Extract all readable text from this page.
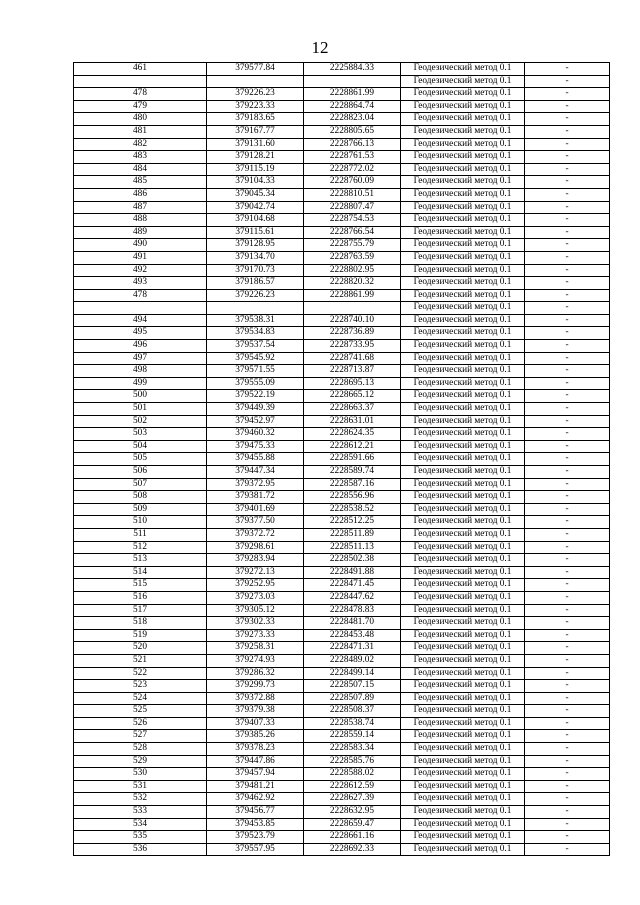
12
461	379577.84	2225884.33	Геодезический метод 0.1	-
			Геодезический метод 0.1	-
478	379226.23	2228861.99	Геодезический метод 0.1	-
479	379223.33	2228864.74	Геодезический метод 0.1	-
480	379183.65	2228823.04	Геодезический метод 0.1	-
481	379167.77	2228805.65	Геодезический метод 0.1	-
482	379131.60	2228766.13	Геодезический метод 0.1	-
483	379128.21	2228761.53	Геодезический метод 0.1	-
484	379115.19	2228772.02	Геодезический метод 0.1	-
485	379104.33	2228760.09	Геодезический метод 0.1	-
486	379045.34	2228810.51	Геодезический метод 0.1	-
487	379042.74	2228807.47	Геодезический метод 0.1	-
488	379104.68	2228754.53	Геодезический метод 0.1	-
489	379115.61	2228766.54	Геодезический метод 0.1	-
490	379128.95	2228755.79	Геодезический метод 0.1	-
491	379134.70	2228763.59	Геодезический метод 0.1	-
492	379170.73	2228802.95	Геодезический метод 0.1	-
493	379186.57	2228820.32	Геодезический метод 0.1	-
478	379226.23	2228861.99	Геодезический метод 0.1	-
			Геодезический метод 0.1	-
494	379538.31	2228740.10	Геодезический метод 0.1	-
495	379534.83	2228736.89	Геодезический метод 0.1	-
496	379537.54	2228733.95	Геодезический метод 0.1	-
497	379545.92	2228741.68	Геодезический метод 0.1	-
498	379571.55	2228713.87	Геодезический метод 0.1	-
499	379555.09	2228695.13	Геодезический метод 0.1	-
500	379522.19	2228665.12	Геодезический метод 0.1	-
501	379449.39	2228663.37	Геодезический метод 0.1	-
502	379452.97	2228631.01	Геодезический метод 0.1	-
503	379460.32	2228624.35	Геодезический метод 0.1	-
504	379475.33	2228612.21	Геодезический метод 0.1	-
505	379455.88	2228591.66	Геодезический метод 0.1	-
506	379447.34	2228589.74	Геодезический метод 0.1	-
507	379372.95	2228587.16	Геодезический метод 0.1	-
508	379381.72	2228556.96	Геодезический метод 0.1	-
509	379401.69	2228538.52	Геодезический метод 0.1	-
510	379377.50	2228512.25	Геодезический метод 0.1	-
511	379372.72	2228511.89	Геодезический метод 0.1	-
512	379298.61	2228511.13	Геодезический метод 0.1	-
513	379283.94	2228502.38	Геодезический метод 0.1	-
514	379272.13	2228491.88	Геодезический метод 0.1	-
515	379252.95	2228471.45	Геодезический метод 0.1	-
516	379273.03	2228447.62	Геодезический метод 0.1	-
517	379305.12	2228478.83	Геодезический метод 0.1	-
518	379302.33	2228481.70	Геодезический метод 0.1	-
519	379273.33	2228453.48	Геодезический метод 0.1	-
520	379258.31	2228471.31	Геодезический метод 0.1	-
521	379274.93	2228489.02	Геодезический метод 0.1	-
522	379286.32	2228499.14	Геодезический метод 0.1	-
523	379299.73	2228507.15	Геодезический метод 0.1	-
524	379372.88	2228507.89	Геодезический метод 0.1	-
525	379379.38	2228508.37	Геодезический метод 0.1	-
526	379407.33	2228538.74	Геодезический метод 0.1	-
527	379385.26	2228559.14	Геодезический метод 0.1	-
528	379378.23	2228583.34	Геодезический метод 0.1	-
529	379447.86	2228585.76	Геодезический метод 0.1	-
530	379457.94	2228588.02	Геодезический метод 0.1	-
531	379481.21	2228612.59	Геодезический метод 0.1	-
532	379462.92	2228627.39	Геодезический метод 0.1	-
533	379456.77	2228632.95	Геодезический метод 0.1	-
534	379453.85	2228659.47	Геодезический метод 0.1	-
535	379523.79	2228661.16	Геодезический метод 0.1	-
536	379557.95	2228692.33	Геодезический метод 0.1	-
